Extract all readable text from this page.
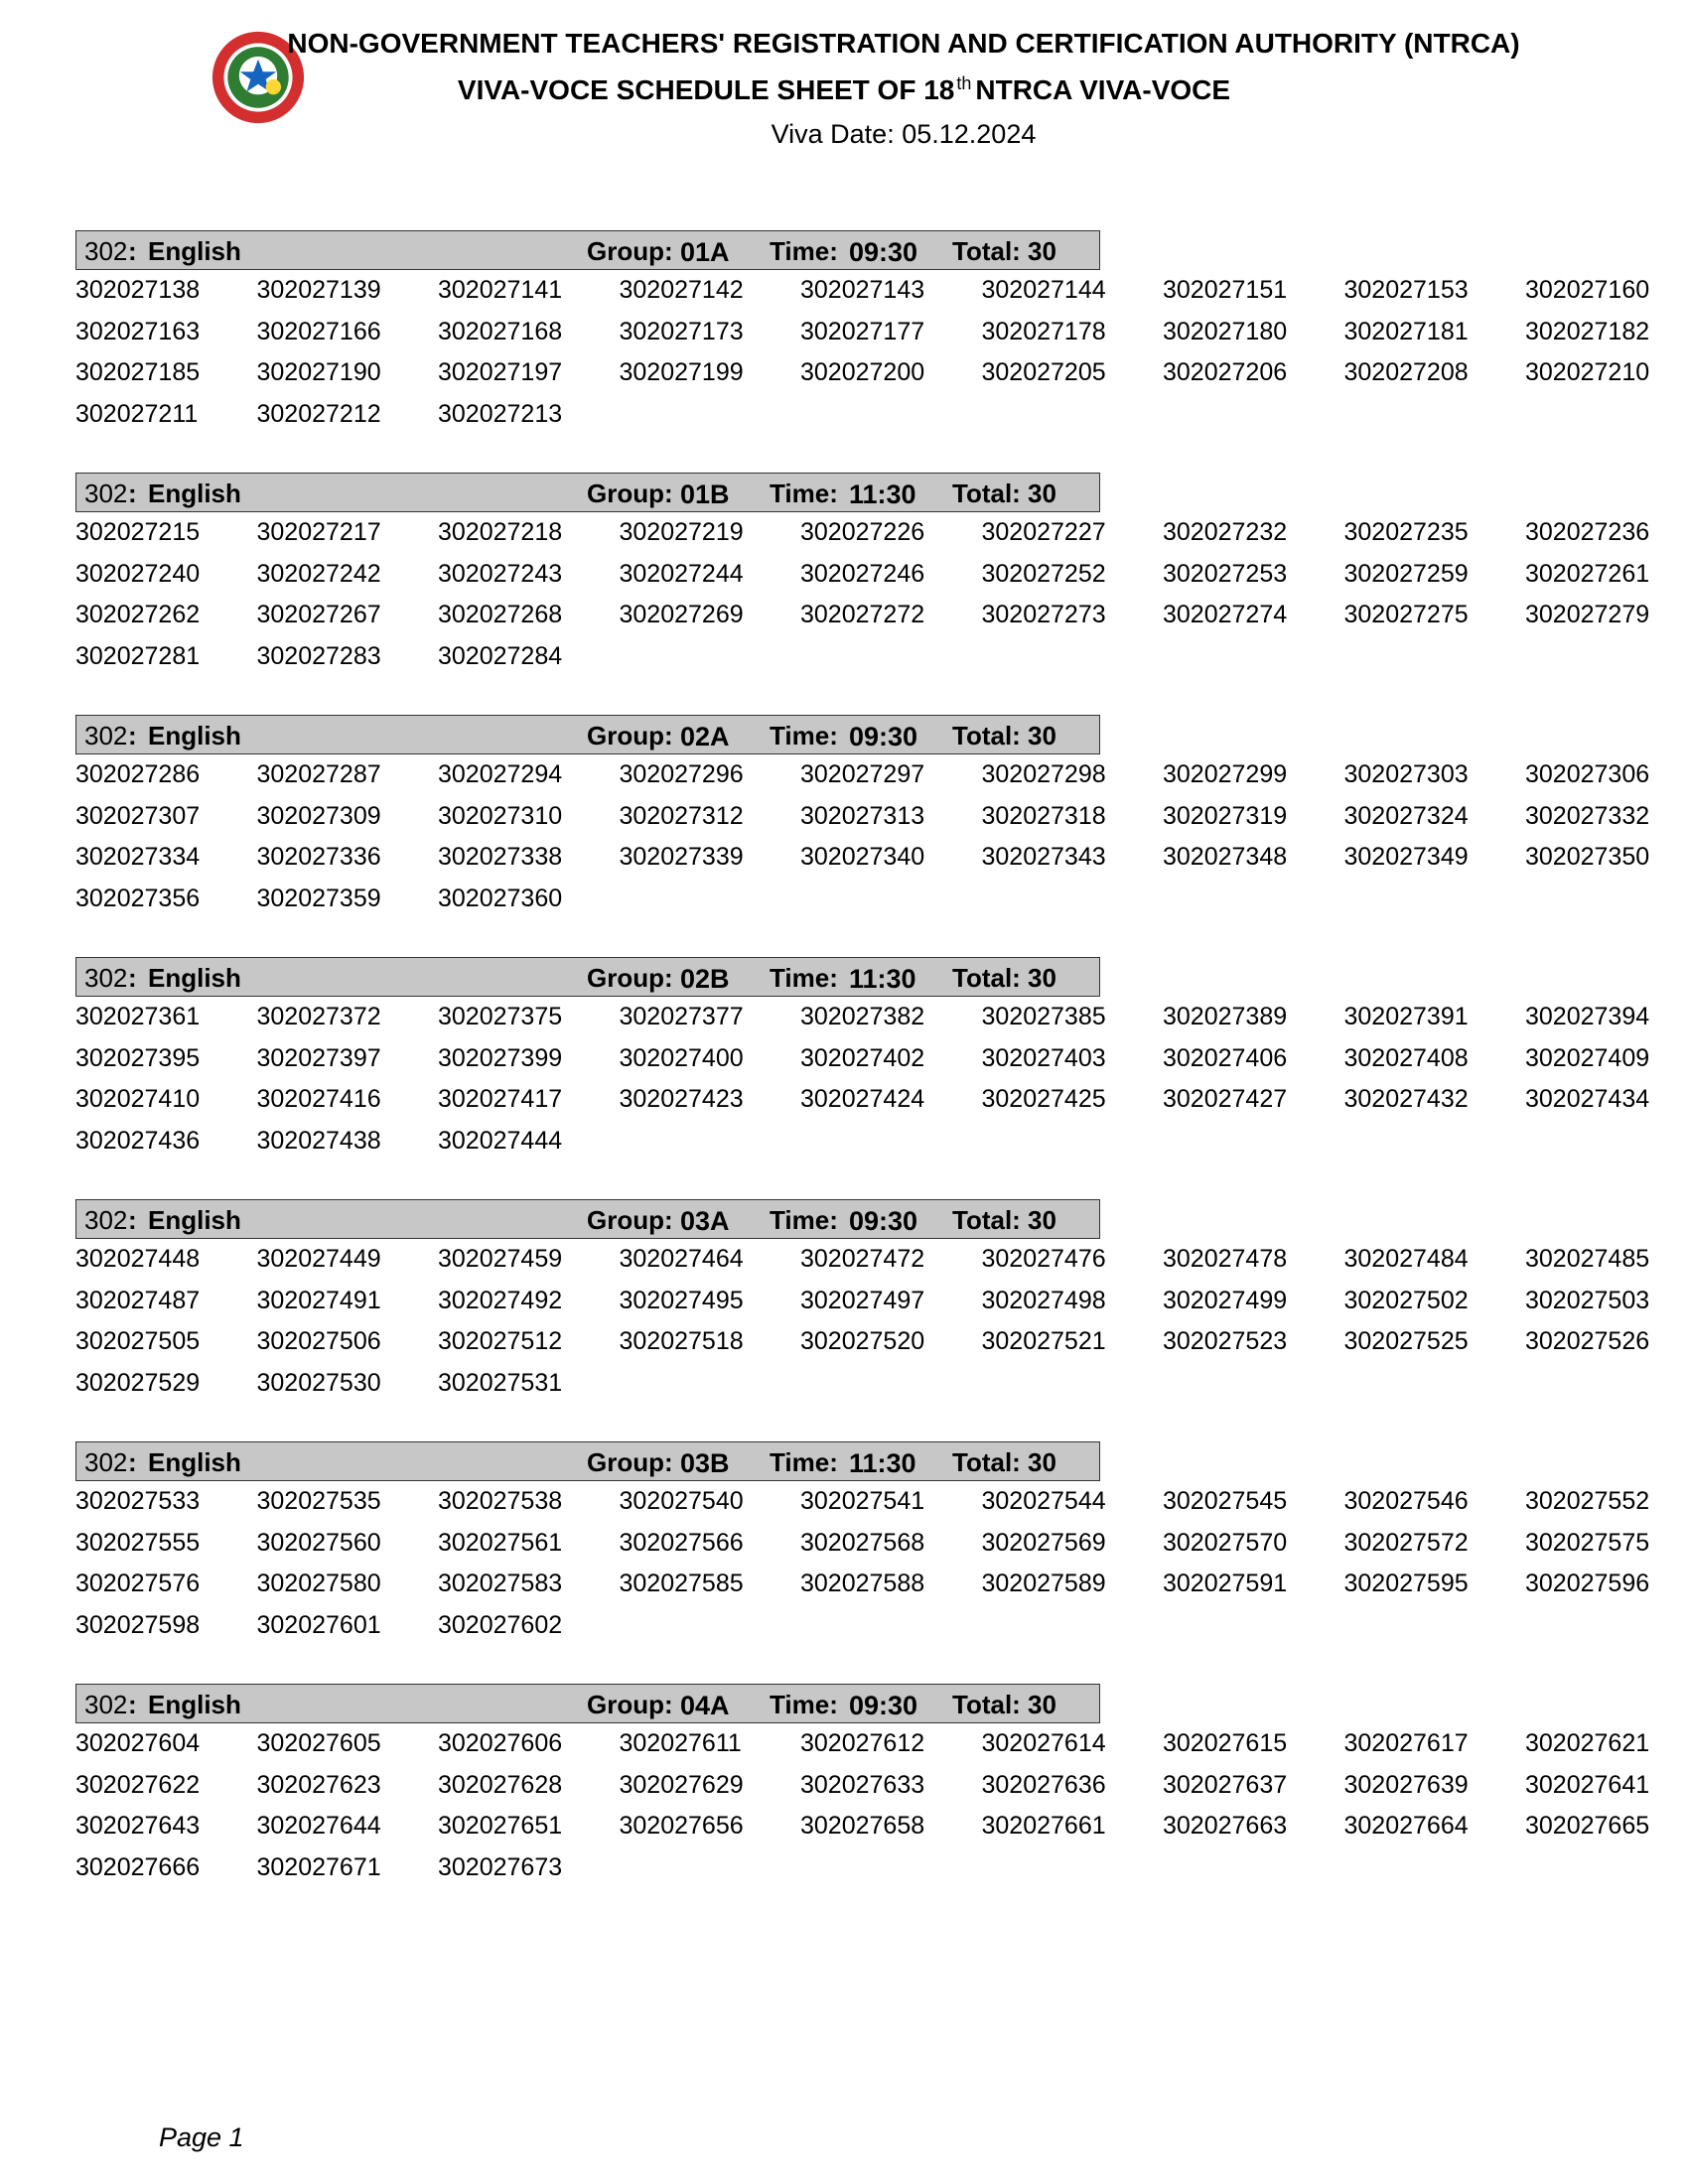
NON-GOVERNMENT TEACHERS' REGISTRATION AND CERTIFICATION AUTHORITY (NTRCA)
VIVA-VOCE SCHEDULE SHEET OF 18 $^{th}$ NTRCA VIVA-VOCE
Viva Date: 05.12.2024
302 : English	Group: 01A Time: 09:30 Total: 30
302027138 302027139 302027141 302027142 302027143 302027144 302027151 302027153 302027160
302027163 302027166 302027168 302027173 302027177 302027178 302027180 302027181 302027182
302027185 302027190 302027197 302027199 302027200 302027205 302027206 302027208 302027210
302027211 302027212 302027213
302 : English	Group: 01B Time: 11:30 Total: 30
302027215 302027217 302027218 302027219 302027226 302027227 302027232 302027235 302027236
302027240 302027242 302027243 302027244 302027246 302027252 302027253 302027259 302027261
302027262 302027267 302027268 302027269 302027272 302027273 302027274 302027275 302027279
302027281 302027283 302027284
302 : English	Group: 02A Time: 09:30 Total: 30
302027286 302027287 302027294 302027296 302027297 302027298 302027299 302027303 302027306
302027307 302027309 302027310 302027312 302027313 302027318 302027319 302027324 302027332
302027334 302027336 302027338 302027339 302027340 302027343 302027348 302027349 302027350
302027356 302027359 302027360
302 : English	Group: 02B Time: 11:30 Total: 30
302027361 302027372 302027375 302027377 302027382 302027385 302027389 302027391 302027394
302027395 302027397 302027399 302027400 302027402 302027403 302027406 302027408 302027409
302027410 302027416 302027417 302027423 302027424 302027425 302027427 302027432 302027434
302027436 302027438 302027444
302 : English	Group: 03A Time: 09:30 Total: 30
302027448 302027449 302027459 302027464 302027472 302027476 302027478 302027484 302027485
302027487 302027491 302027492 302027495 302027497 302027498 302027499 302027502 302027503
302027505 302027506 302027512 302027518 302027520 302027521 302027523 302027525 302027526
302027529 302027530 302027531
302 : English	Group: 03B Time: 11:30 Total: 30
302027533 302027535 302027538 302027540 302027541 302027544 302027545 302027546 302027552
302027555 302027560 302027561 302027566 302027568 302027569 302027570 302027572 302027575
302027576 302027580 302027583 302027585 302027588 302027589 302027591 302027595 302027596
302027598 302027601 302027602
302 : English	Group: 04A Time: 09:30 Total: 30
302027604 302027605 302027606 302027611 302027612 302027614 302027615 302027617 302027621
302027622 302027623 302027628 302027629 302027633 302027636 302027637 302027639 302027641
302027643 302027644 302027651 302027656 302027658 302027661 302027663 302027664 302027665
302027666 302027671 302027673
Page 1
